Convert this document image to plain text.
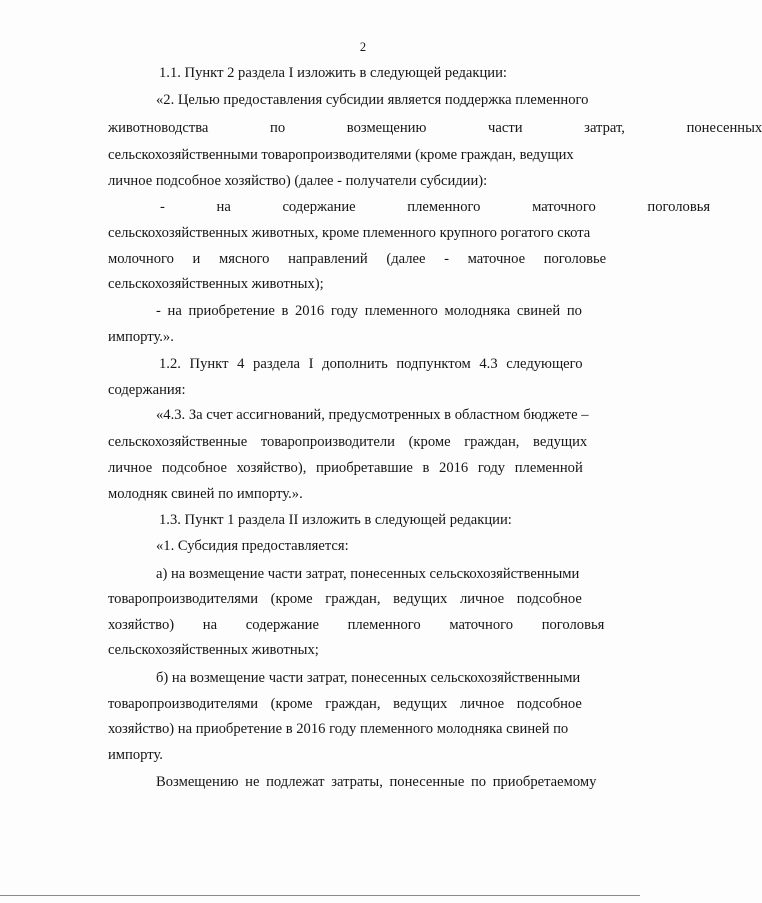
2
1.1. Пункт 2 раздела I изложить в следующей редакции:
«2. Целью предоставления субсидии является поддержка племенного
животноводства по возмещению части затрат, понесенных
сельскохозяйственными товаропроизводителями (кроме граждан, ведущих
личное подсобное хозяйство) (далее - получатели субсидии):
- на содержание племенного маточного поголовья
сельскохозяйственных животных, кроме племенного крупного рогатого скота
молочного и мясного направлений (далее - маточное поголовье
сельскохозяйственных животных);
- на приобретение в 2016 году племенного молодняка свиней по
импорту.».
1.2. Пункт 4 раздела I дополнить подпунктом 4.3 следующего
содержания:
«4.3. За счет ассигнований, предусмотренных в областном бюджете –
сельскохозяйственные товаропроизводители (кроме граждан, ведущих
личное подсобное хозяйство), приобретавшие в 2016 году племенной
молодняк свиней по импорту.».
1.3. Пункт 1 раздела II изложить в следующей редакции:
«1. Субсидия предоставляется:
а) на возмещение части затрат, понесенных сельскохозяйственными
товаропроизводителями (кроме граждан, ведущих личное подсобное
хозяйство) на содержание племенного маточного поголовья
сельскохозяйственных животных;
б) на возмещение части затрат, понесенных сельскохозяйственными
товаропроизводителями (кроме граждан, ведущих личное подсобное
хозяйство) на приобретение в 2016 году племенного молодняка свиней по
импорту.
Возмещению не подлежат затраты, понесенные по приобретаемому
